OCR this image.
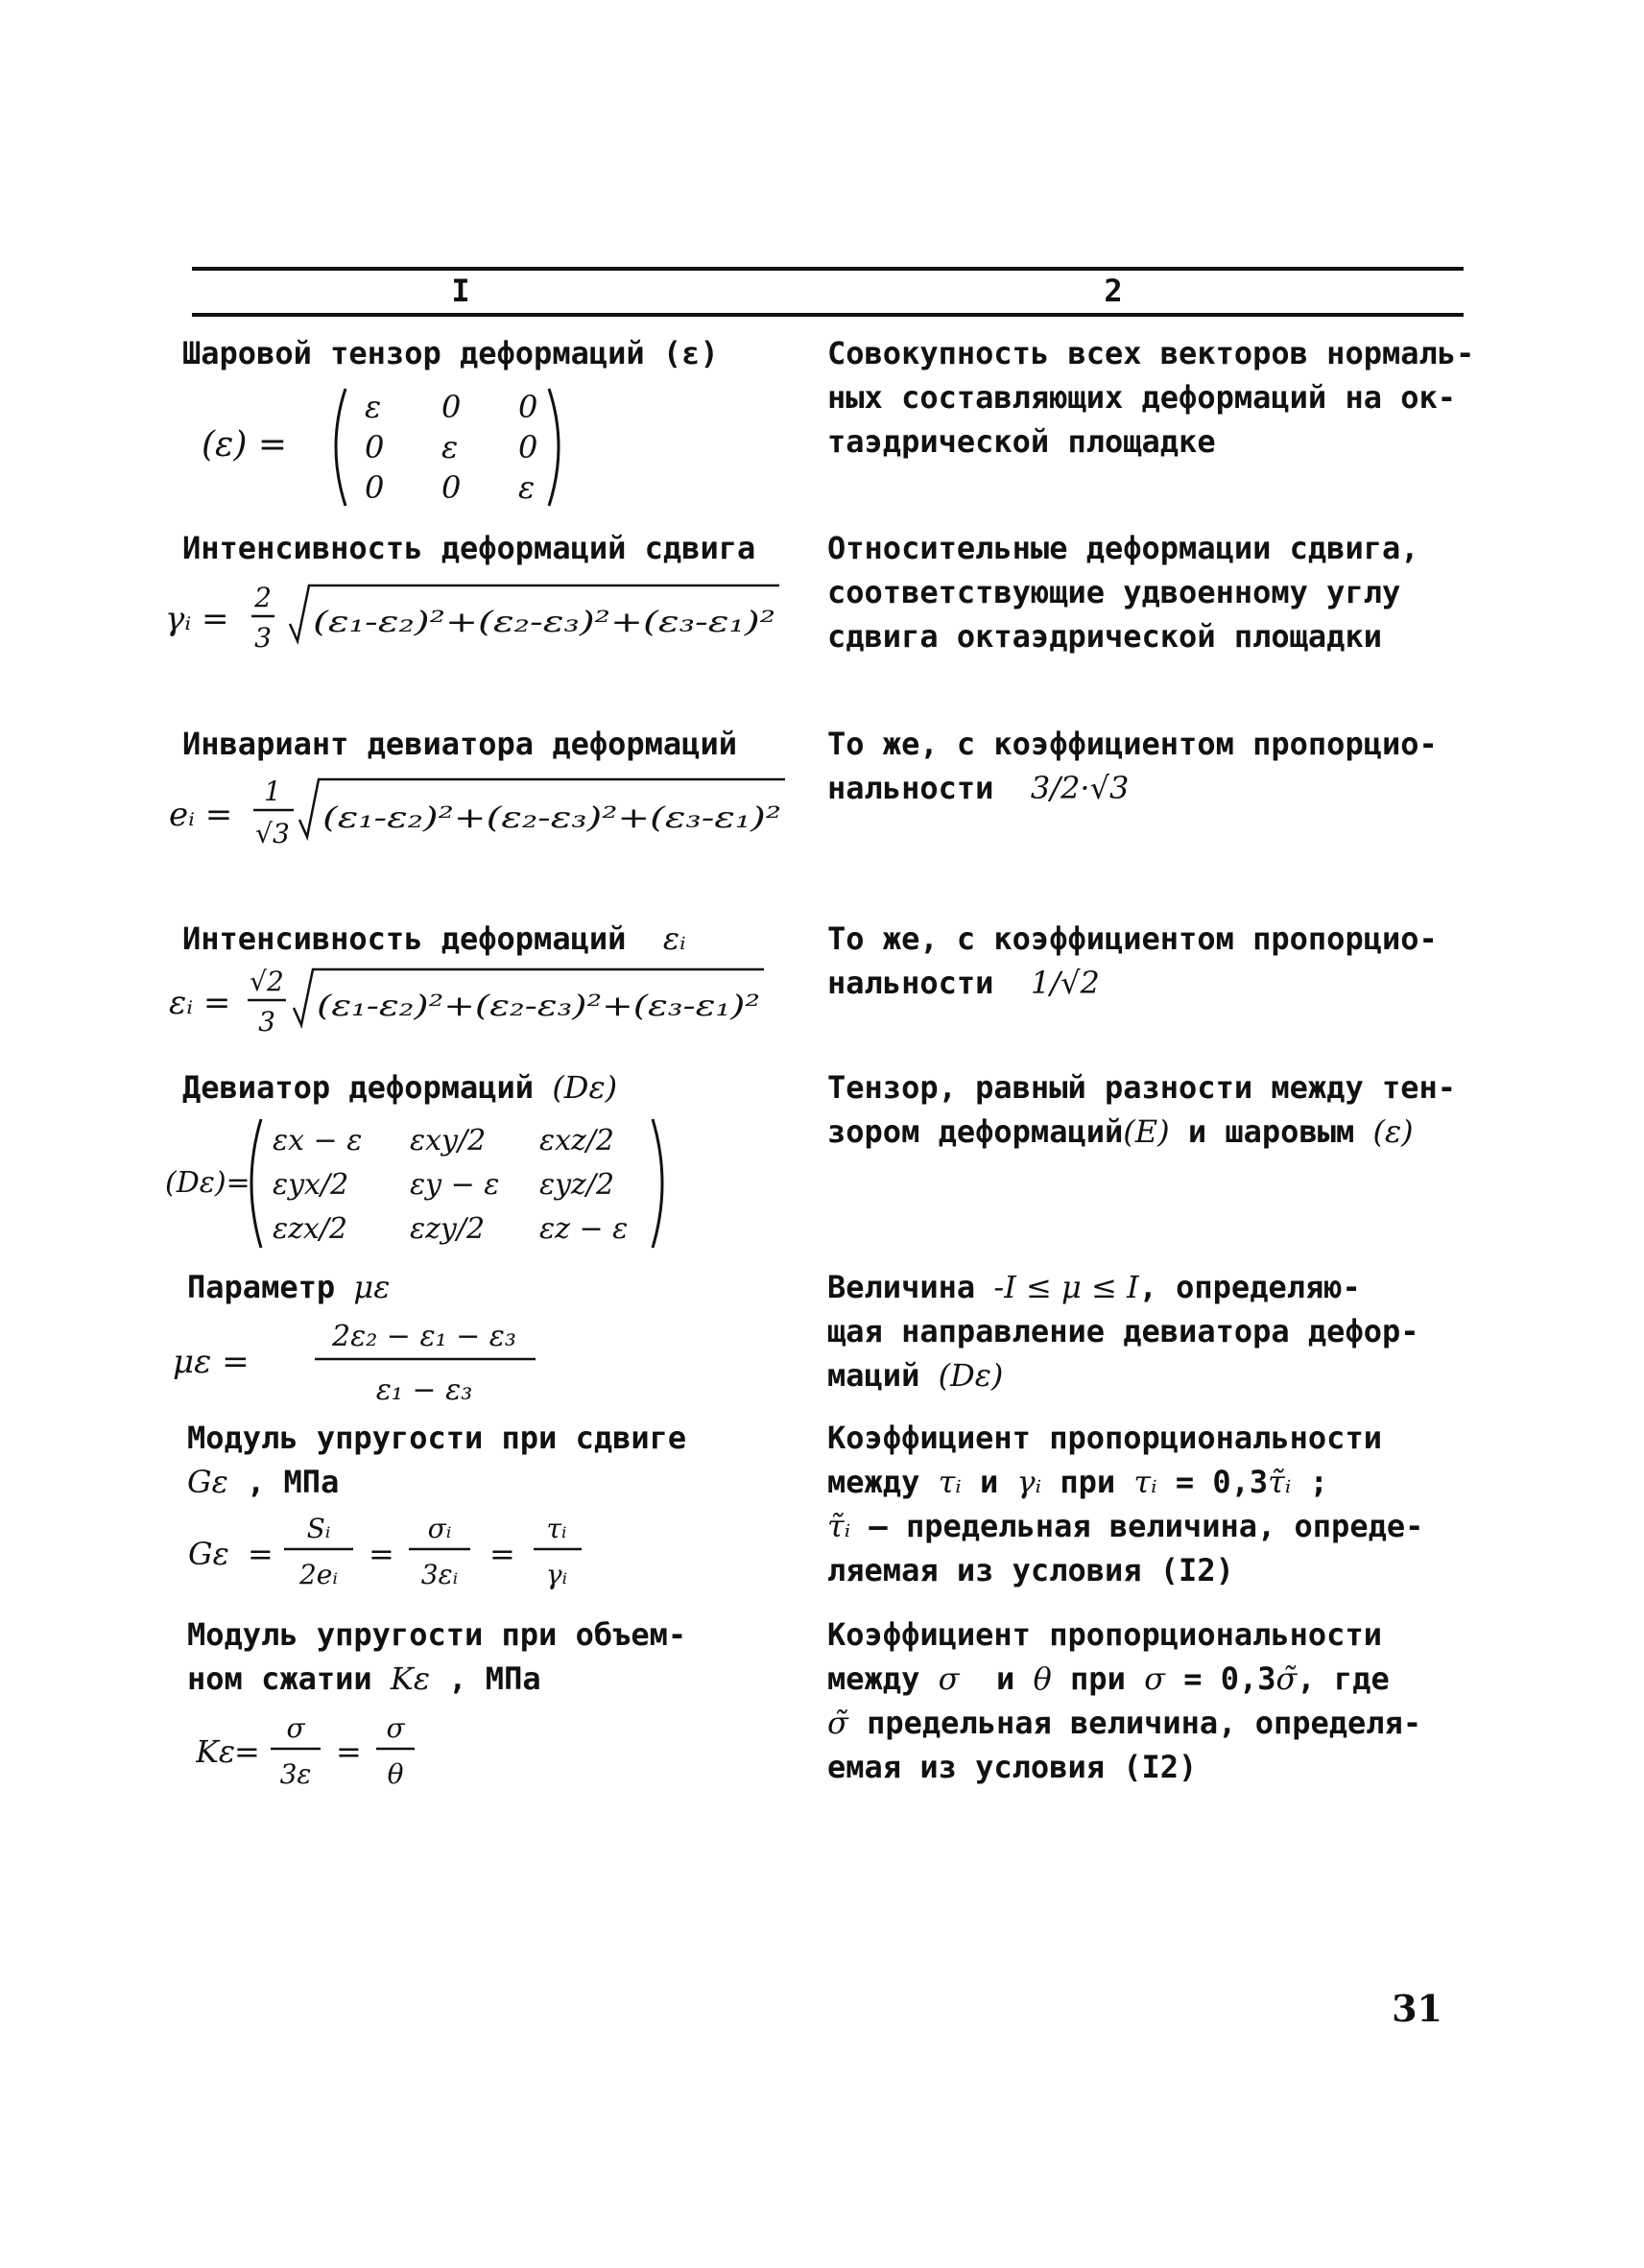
I	2
Шаровой тензор деформаций (ε)
(ε) =
ε 0 0
0 ε 0
0 0 ε
Совокупность всех векторов нормаль-
ных составляющих деформаций на ок-
таэдрической площадке
Интенсивность деформаций сдвига
γᵢ =
2
3 (ε₁-ε₂)²+(ε₂-ε₃)²+(ε₃-ε₁)²
Относительные деформации сдвига,
соответствующие удвоенному углу
сдвига октаэдрической площадки
Инвариант девиатора деформаций
eᵢ =
1
√3 (ε₁-ε₂)²+(ε₂-ε₃)²+(ε₃-ε₁)²
То же, с коэффициентом пропорцио-
нальности 3/2·√3
Интенсивность деформаций εᵢ
εᵢ =
√2
3 (ε₁-ε₂)²+(ε₂-ε₃)²+(ε₃-ε₁)²
То же, с коэффициентом пропорцио-
нальности 1/√2
Девиатор деформаций (Dε)
(Dε)=
εx − ε εxy/2 εxz/2
εyx/2 εy − ε εyz/2
εzx/2 εzy/2 εz − ε
Тензор, равный разности между тен-
зором деформаций(E) и шаровым (ε)
Параметр με
με =
2ε₂ − ε₁ − ε₃
ε₁ − ε₃
Величина -I ≤ μ ≤ I, определяю-
щая направление девиатора дефор-
маций (Dε)
Модуль упругости при сдвиге
Gε , МПа
Gε =
Sᵢ
2eᵢ
=
σᵢ
3εᵢ
=
τᵢ
γᵢ
Коэффициент пропорциональности
между τᵢ и γᵢ при τᵢ = 0,3τ̃ᵢ ;
τ̃ᵢ – предельная величина, опреде-
ляемая из условия (I2)
Модуль упругости при объем-
ном сжатии Kε , МПа
Kε
=
σ
3ε
=
σ
θ
Коэффициент пропорциональности
между σ и θ при σ = 0,3σ̃, где
σ̃ предельная величина, определя-
емая из условия (I2)
31
